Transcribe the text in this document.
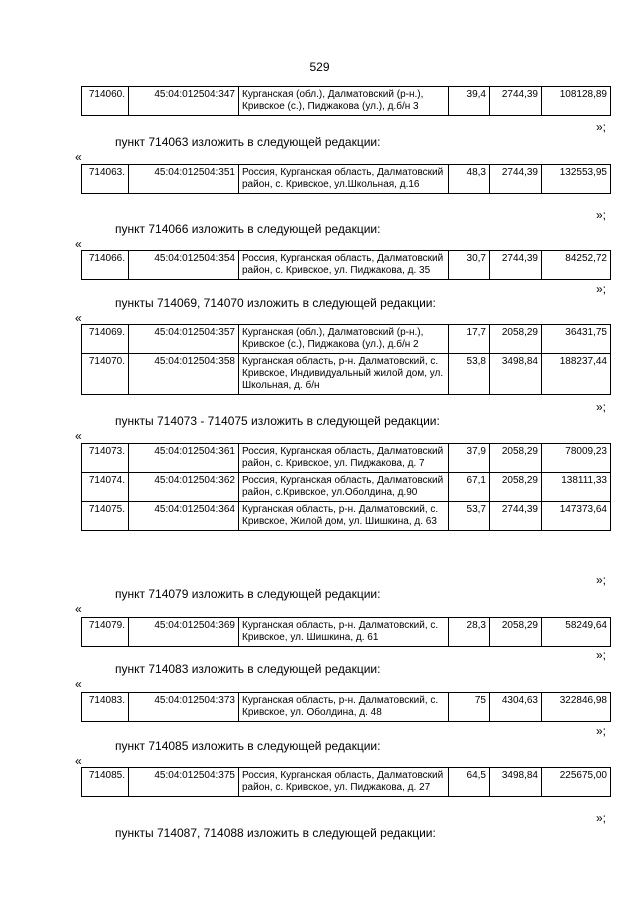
529
714060.	45:04:012504:347	Курганская (обл.), Далматовский (р-н.), Кривское (с.), Пиджакова (ул.), д.б/н 3	39,4	2744,39	108128,89
»;
пункт 714063 изложить в следующей редакции:
«
714063.	45:04:012504:351	Россия, Курганская область, Далматовский район, с. Кривское, ул.Школьная, д.16	48,3	2744,39	132553,95
»;
пункт 714066 изложить в следующей редакции:
«
714066.	45:04:012504:354	Россия, Курганская область, Далматовский район, с. Кривское, ул. Пиджакова, д. 35	30,7	2744,39	84252,72
»;
пункты 714069, 714070 изложить в следующей редакции:
«
714069.	45:04:012504:357	Курганская (обл.), Далматовский (р-н.), Кривское (с.), Пиджакова (ул.), д.б/н 2	17,7	2058,29	36431,75
714070.	45:04:012504:358	Курганская область, р-н. Далматовский, с. Кривское, Индивидуальный жилой дом, ул. Школьная, д. б/н	53,8	3498,84	188237,44
»;
пункты 714073 - 714075 изложить в следующей редакции:
«
714073.	45:04:012504:361	Россия, Курганская область, Далматовский район, с. Кривское, ул. Пиджакова, д. 7	37,9	2058,29	78009,23
714074.	45:04:012504:362	Россия, Курганская область, Далматовский район, с.Кривское, ул.Оболдина, д.90	67,1	2058,29	138111,33
714075.	45:04:012504:364	Курганская область, р-н. Далматовский, с. Кривское, Жилой дом, ул. Шишкина, д. 63	53,7	2744,39	147373,64
»;
пункт 714079 изложить в следующей редакции:
«
714079.	45:04:012504:369	Курганская область, р-н. Далматовский, с. Кривское, ул. Шишкина, д. 61	28,3	2058,29	58249,64
»;
пункт 714083 изложить в следующей редакции:
«
714083.	45:04:012504:373	Курганская область, р-н. Далматовский, с. Кривское, ул. Оболдина, д. 48	75	4304,63	322846,98
»;
пункт 714085 изложить в следующей редакции:
«
714085.	45:04:012504:375	Россия, Курганская область, Далматовский район, с. Кривское, ул. Пиджакова, д. 27	64,5	3498,84	225675,00
»;
пункты 714087, 714088 изложить в следующей редакции:
